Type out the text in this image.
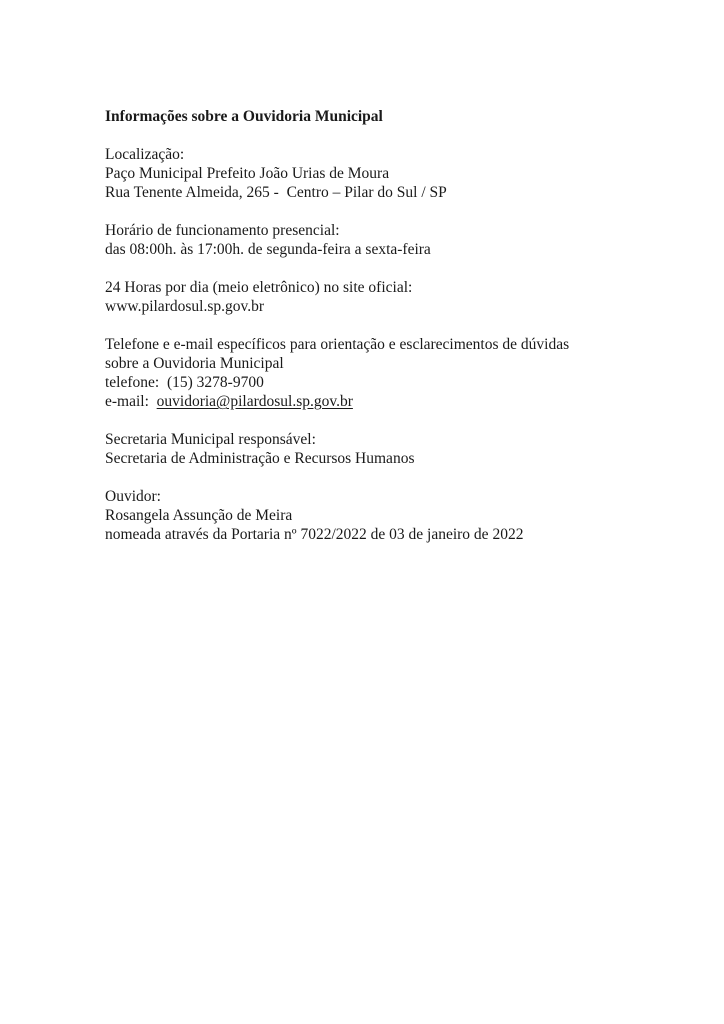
Informações sobre a Ouvidoria Municipal
Localização:
Paço Municipal Prefeito João Urias de Moura
Rua Tenente Almeida, 265 -  Centro – Pilar do Sul / SP
Horário de funcionamento presencial:
das 08:00h. às 17:00h. de segunda-feira a sexta-feira
24 Horas por dia (meio eletrônico) no site oficial:
www.pilardosul.sp.gov.br
Telefone e e-mail específicos para orientação e esclarecimentos de dúvidas
sobre a Ouvidoria Municipal
telefone:  (15) 3278-9700
e-mail:  ouvidoria@pilardosul.sp.gov.br
Secretaria Municipal responsável:
Secretaria de Administração e Recursos Humanos
Ouvidor:
Rosangela Assunção de Meira
nomeada através da Portaria nº 7022/2022 de 03 de janeiro de 2022
